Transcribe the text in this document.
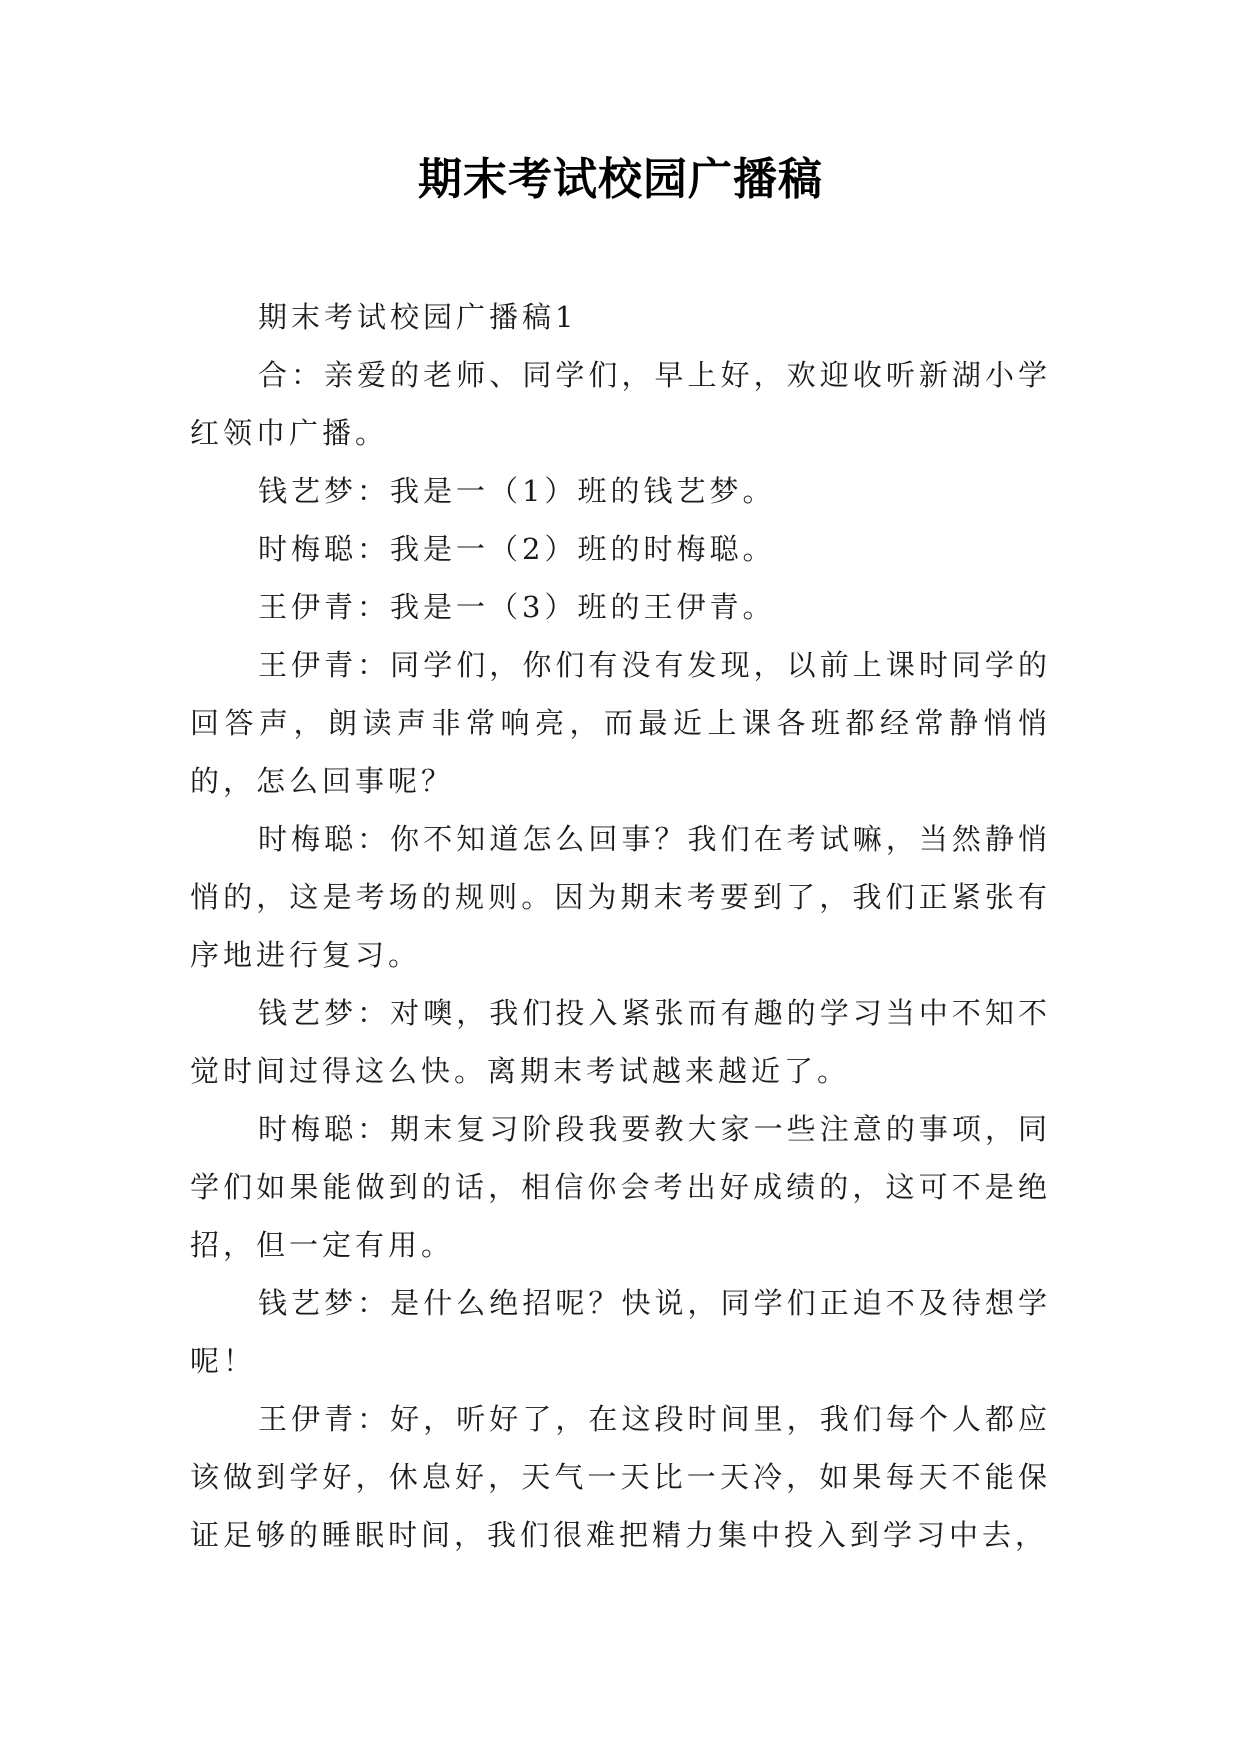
期末考试校园广播稿

期末考试校园广播稿1

合：亲爱的老师、同学们，早上好，欢迎收听新湖小学红领巾广播。

钱艺梦：我是一（1）班的钱艺梦。

时梅聪：我是一（2）班的时梅聪。

王伊青：我是一（3）班的王伊青。

王伊青：同学们，你们有没有发现，以前上课时同学的回答声，朗读声非常响亮，而最近上课各班都经常静悄悄的，怎么回事呢？

时梅聪：你不知道怎么回事？我们在考试嘛，当然静悄悄的，这是考场的规则。因为期末考要到了，我们正紧张有序地进行复习。

钱艺梦：对噢，我们投入紧张而有趣的学习当中不知不觉时间过得这么快。离期末考试越来越近了。

时梅聪：期末复习阶段我要教大家一些注意的事项，同学们如果能做到的话，相信你会考出好成绩的，这可不是绝招，但一定有用。

钱艺梦：是什么绝招呢？快说，同学们正迫不及待想学呢！

王伊青：好，听好了，在这段时间里，我们每个人都应该做到学好，休息好，天气一天比一天冷，如果每天不能保证足够的睡眠时间，我们很难把精力集中投入到学习中去，
